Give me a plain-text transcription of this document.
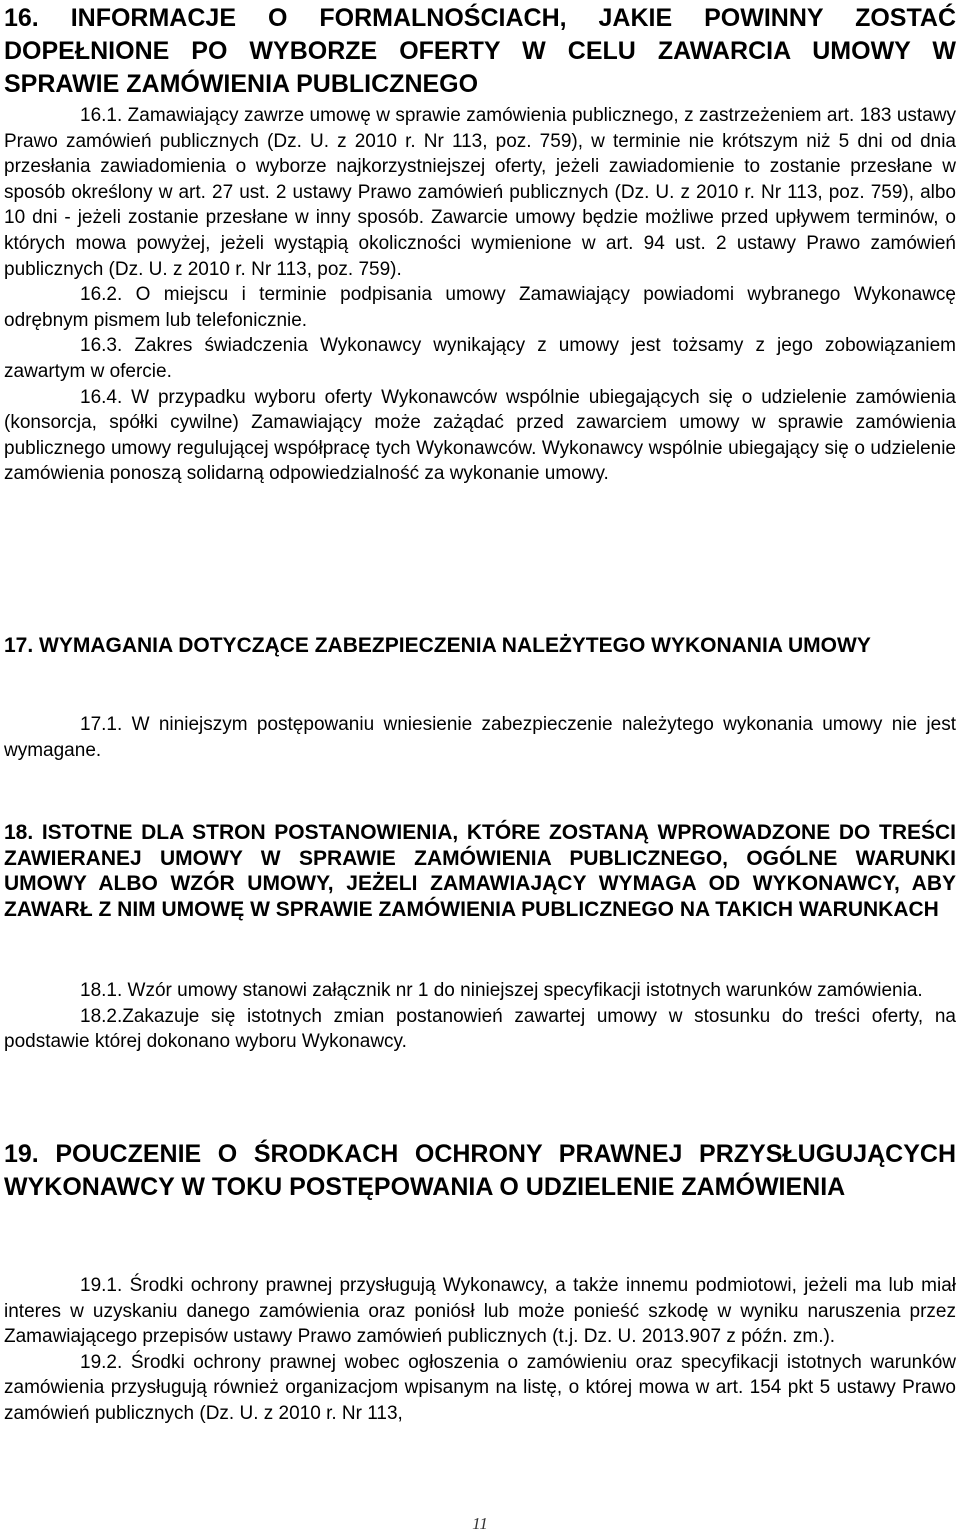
16. INFORMACJE O FORMALNOŚCIACH, JAKIE POWINNY ZOSTAĆ DOPEŁNIONE PO WYBORZE OFERTY W CELU ZAWARCIA UMOWY W SPRAWIE ZAMÓWIENIA PUBLICZNEGO

16.1. Zamawiający zawrze umowę w sprawie zamówienia publicznego, z zastrzeżeniem art. 183 ustawy Prawo zamówień publicznych (Dz. U. z 2010 r. Nr 113, poz. 759), w terminie nie krótszym niż 5 dni od dnia przesłania zawiadomienia o wyborze najkorzystniejszej oferty, jeżeli zawiadomienie to zostanie przesłane w sposób określony w art. 27 ust. 2 ustawy Prawo zamówień publicznych (Dz. U. z 2010 r. Nr 113, poz. 759), albo 10 dni - jeżeli zostanie przesłane w inny sposób. Zawarcie umowy będzie możliwe przed upływem terminów, o których mowa powyżej, jeżeli wystąpią okoliczności wymienione w art. 94 ust. 2 ustawy Prawo zamówień publicznych (Dz. U. z 2010 r. Nr 113, poz. 759).

16.2. O miejscu i terminie podpisania umowy Zamawiający powiadomi wybranego Wykonawcę odrębnym pismem lub telefonicznie.

16.3. Zakres świadczenia Wykonawcy wynikający z umowy jest tożsamy z jego zobowiązaniem zawartym w ofercie.

16.4. W przypadku wyboru oferty Wykonawców wspólnie ubiegających się o udzielenie zamówienia (konsorcja, spółki cywilne) Zamawiający może zażądać przed zawarciem umowy w sprawie zamówienia publicznego umowy regulującej współpracę tych Wykonawców. Wykonawcy wspólnie ubiegający się o udzielenie zamówienia ponoszą solidarną odpowiedzialność za wykonanie umowy.

17. WYMAGANIA DOTYCZĄCE ZABEZPIECZENIA NALEŻYTEGO WYKONANIA UMOWY

17.1. W niniejszym postępowaniu wniesienie zabezpieczenie należytego wykonania umowy nie jest wymagane.

18. ISTOTNE DLA STRON POSTANOWIENIA, KTÓRE ZOSTANĄ WPROWADZONE DO TREŚCI ZAWIERANEJ UMOWY W SPRAWIE ZAMÓWIENIA PUBLICZNEGO, OGÓLNE WARUNKI UMOWY ALBO WZÓR UMOWY, JEŻELI ZAMAWIAJĄCY WYMAGA OD WYKONAWCY, ABY ZAWARŁ Z NIM UMOWĘ W SPRAWIE ZAMÓWIENIA PUBLICZNEGO NA TAKICH WARUNKACH

18.1. Wzór umowy stanowi załącznik nr 1 do niniejszej specyfikacji istotnych warunków zamówienia.

18.2.Zakazuje się istotnych zmian postanowień zawartej umowy w stosunku do treści oferty, na podstawie której dokonano wyboru Wykonawcy.

19. POUCZENIE O ŚRODKACH OCHRONY PRAWNEJ PRZYSŁUGUJĄCYCH WYKONAWCY W TOKU POSTĘPOWANIA O UDZIELENIE ZAMÓWIENIA

19.1. Środki ochrony prawnej przysługują Wykonawcy, a także innemu podmiotowi, jeżeli ma lub miał interes w uzyskaniu danego zamówienia oraz poniósł lub może ponieść szkodę w wyniku naruszenia przez Zamawiającego przepisów ustawy Prawo zamówień publicznych (t.j. Dz. U. 2013.907 z późn. zm.).

19.2. Środki ochrony prawnej wobec ogłoszenia o zamówieniu oraz specyfikacji istotnych warunków zamówienia przysługują również organizacjom wpisanym na listę, o której mowa w art. 154 pkt 5 ustawy Prawo zamówień publicznych (Dz. U. z 2010 r. Nr 113,

11
